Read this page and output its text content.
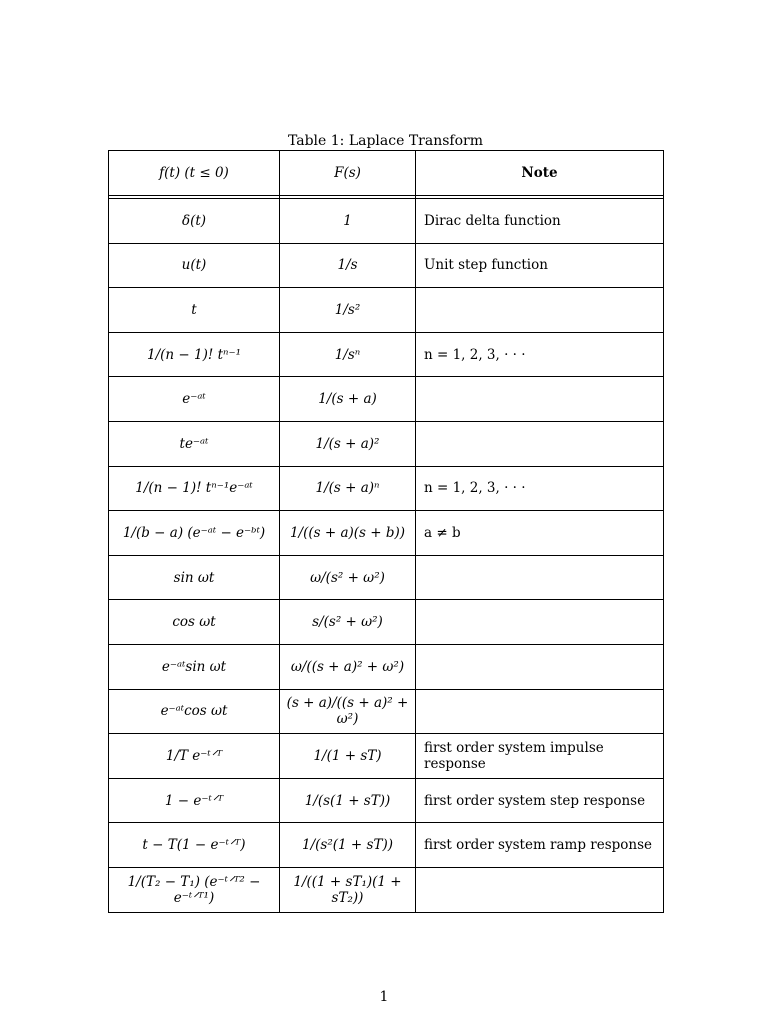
Table 1: Laplace Transform
f(t) (t ≤ 0)	F(s)	Note

δ(t)	1	Dirac delta function
u(t)	1/s	Unit step function
t	1/s²	
1/(n − 1)! tⁿ⁻¹	1/sⁿ	n = 1, 2, 3, · · ·
e⁻ᵃᵗ	1/(s + a)	
te⁻ᵃᵗ	1/(s + a)²	
1/(n − 1)! tⁿ⁻¹e⁻ᵃᵗ	1/(s + a)ⁿ	n = 1, 2, 3, · · ·
1/(b − a) (e⁻ᵃᵗ − e⁻ᵇᵗ)	1/((s + a)(s + b))	a ≠ b
sin ωt	ω/(s² + ω²)	
cos ωt	s/(s² + ω²)	
e⁻ᵃᵗsin ωt	ω/((s + a)² + ω²)	
e⁻ᵃᵗcos ωt	(s + a)/((s + a)² + ω²)	
1/T e⁻ᵗᐟᵀ	1/(1 + sT)	first order system impulse response
1 − e⁻ᵗᐟᵀ	1/(s(1 + sT))	first order system step response
t − T(1 − e⁻ᵗᐟᵀ)	1/(s²(1 + sT))	first order system ramp response
1/(T₂ − T₁) (e⁻ᵗᐟᵀ² − e⁻ᵗᐟᵀ¹)	1/((1 + sT₁)(1 + sT₂))	
1
